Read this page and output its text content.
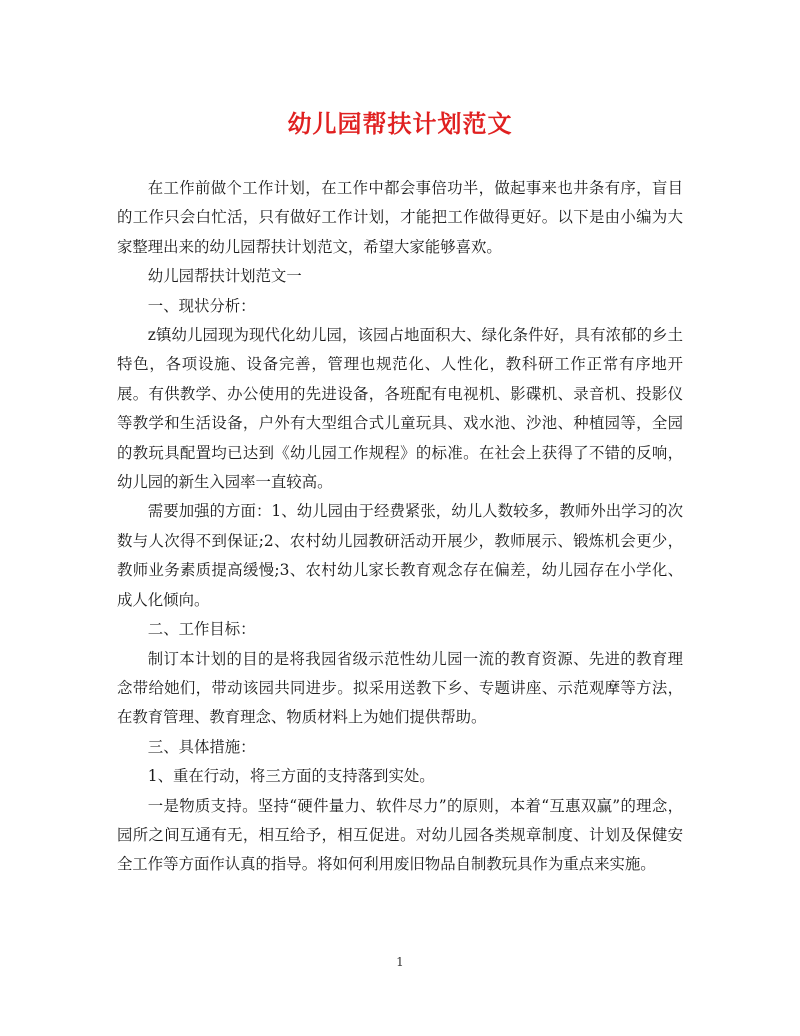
幼儿园帮扶计划范文

在工作前做个工作计划，在工作中都会事倍功半，做起事来也井条有序，盲目的工作只会白忙活，只有做好工作计划，才能把工作做得更好。以下是由小编为大家整理出来的幼儿园帮扶计划范文，希望大家能够喜欢。

幼儿园帮扶计划范文一

一、现状分析：

z镇幼儿园现为现代化幼儿园，该园占地面积大、绿化条件好，具有浓郁的乡土特色，各项设施、设备完善，管理也规范化、人性化，教科研工作正常有序地开展。有供教学、办公使用的先进设备，各班配有电视机、影碟机、录音机、投影仪等教学和生活设备，户外有大型组合式儿童玩具、戏水池、沙池、种植园等，全园的教玩具配置均已达到《幼儿园工作规程》的标准。在社会上获得了不错的反响，幼儿园的新生入园率一直较高。

需要加强的方面：1、幼儿园由于经费紧张，幼儿人数较多，教师外出学习的次数与人次得不到保证;2、农村幼儿园教研活动开展少，教师展示、锻炼机会更少，教师业务素质提高缓慢;3、农村幼儿家长教育观念存在偏差，幼儿园存在小学化、成人化倾向。

二、工作目标：

制订本计划的目的是将我园省级示范性幼儿园一流的教育资源、先进的教育理念带给她们，带动该园共同进步。拟采用送教下乡、专题讲座、示范观摩等方法，在教育管理、教育理念、物质材料上为她们提供帮助。

三、具体措施：

1、重在行动，将三方面的支持落到实处。

一是物质支持。坚持“硬件量力、软件尽力”的原则，本着“互惠双赢”的理念，园所之间互通有无，相互给予，相互促进。对幼儿园各类规章制度、计划及保健安全工作等方面作认真的指导。将如何利用废旧物品自制教玩具作为重点来实施。

1
